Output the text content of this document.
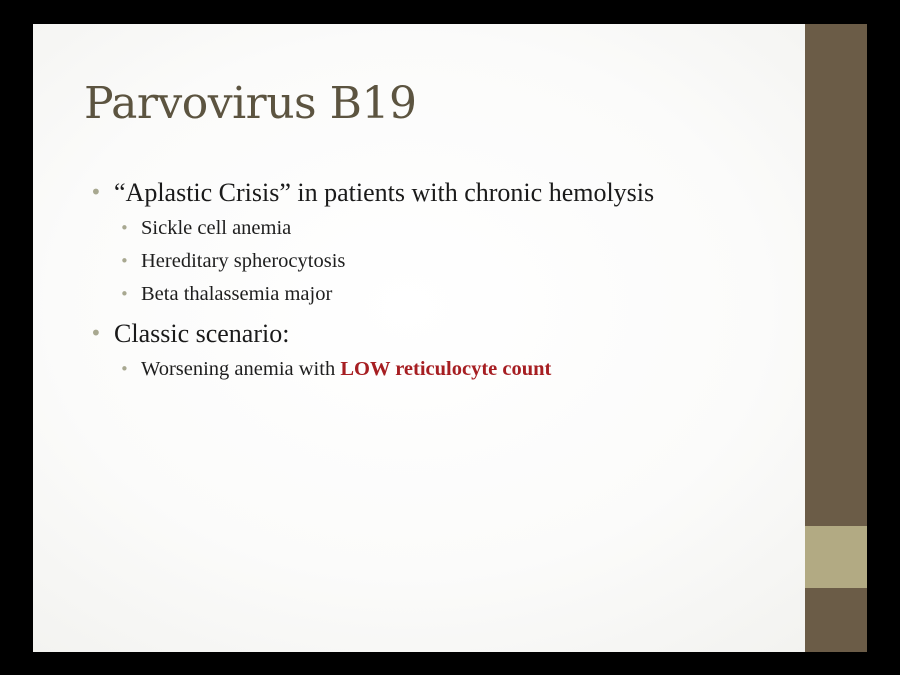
Parvovirus B19
• “Aplastic Crisis” in patients with chronic hemolysis
• Sickle cell anemia
• Hereditary spherocytosis
• Beta thalassemia major
• Classic scenario:
• Worsening anemia with LOW reticulocyte count
